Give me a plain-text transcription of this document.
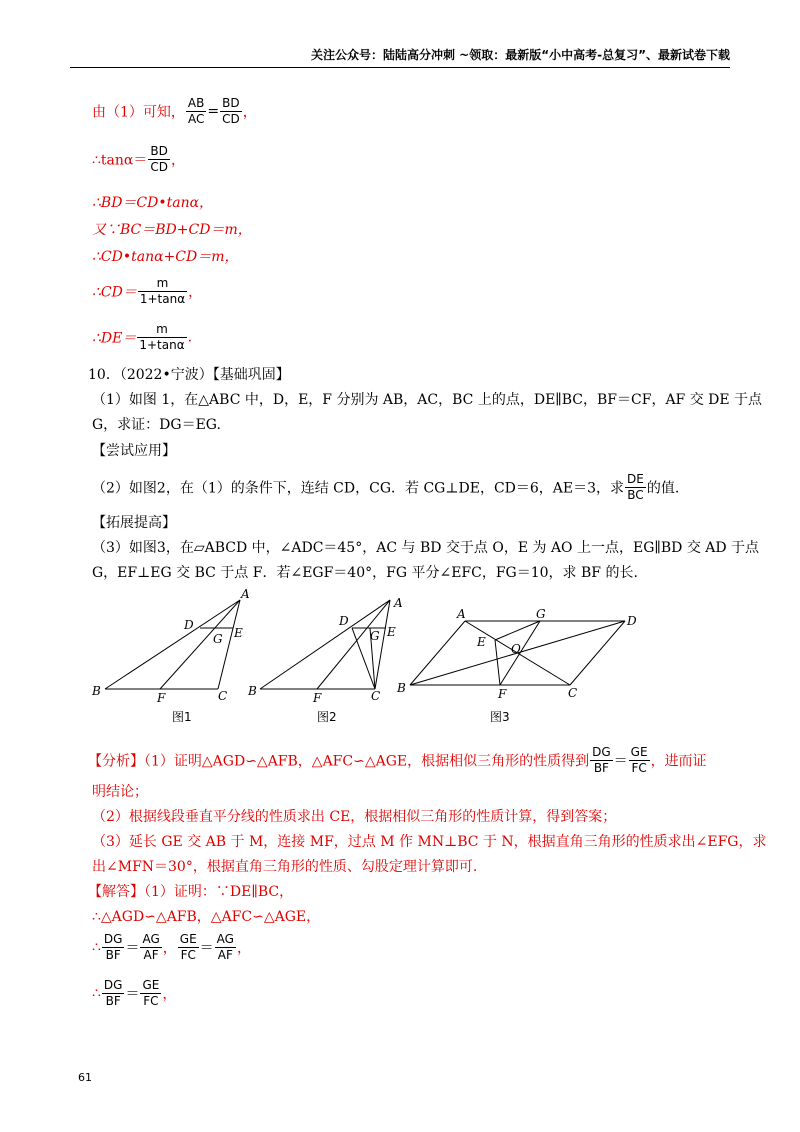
关注公众号：陆陆高分冲刺 ~领取：最新版“小中高考-总复习”、最新试卷下载
由（1）可知， $\frac{AB}{AC} = \frac{BD}{CD}$ ，
∴tanα＝ $\frac{BD}{CD}$ ，
∴BD＝CD•tanα，
又∵BC＝BD+CD＝m，
∴CD•tanα+CD＝m，
∴CD＝ $\frac{m}{1+\tan\alpha}$ ，
∴DE＝ $\frac{m}{1+\tan\alpha}$ .
10．（2022•宁波）【基础巩固】
（1）如图 1，在△ABC 中，D，E，F 分别为 AB，AC，BC 上的点，DE∥BC，BF＝CF，AF 交 DE 于点
G，求证：DG＝EG.
【尝试应用】
（2）如图2，在（1）的条件下，连结 CD，CG．若 CG⊥DE，CD＝6，AE＝3，求 $\frac{DE}{BC}$ 的值.
【拓展提高】
（3）如图3，在▱ABCD 中，∠ADC＝45°，AC 与 BD 交于点 O，E 为 AO 上一点，EG∥BD 交 AD 于点
G，EF⊥EG 交 BC 于点 F．若∠EGF＝40°，FG 平分∠EFC，FG＝10，求 BF 的长.
A
B	C
D
E
F
G
图1
A
B	C
D
E
F
G
图2
A
B	C
D
E
F
G
O
图3
【分析】（1）证明△AGD∽△AFB，△AFC∽△AGE，根据相似三角形的性质得到 $\frac{DG}{BF} = \frac{GE}{FC}$ ，进而证
明结论；
（2）根据线段垂直平分线的性质求出 CE，根据相似三角形的性质计算，得到答案；
（3）延长 GE 交 AB 于 M，连接 MF，过点 M 作 MN⊥BC 于 N，根据直角三角形的性质求出∠EFG，求
出∠MFN＝30°，根据直角三角形的性质、勾股定理计算即可.
【解答】（1）证明：∵DE∥BC，
∴△AGD∽△AFB，△AFC∽△AGE，
∴ $\frac{DG}{BF} = \frac{AG}{AF}$ ， $\frac{GE}{FC} = \frac{AG}{AF}$ ，
∴ $\frac{DG}{BF} = \frac{GE}{FC}$ ，
61
